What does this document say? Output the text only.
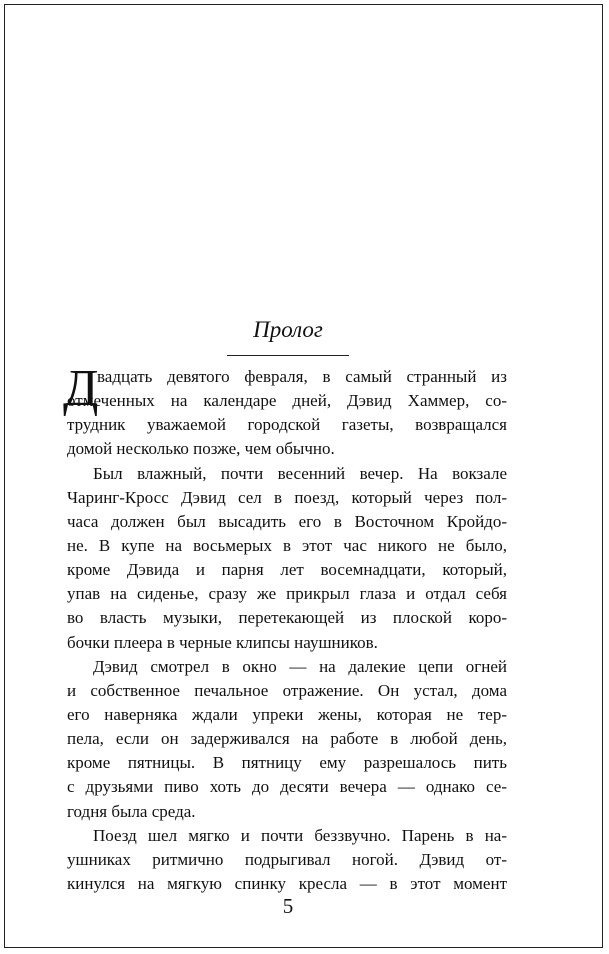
Пролог
Д
вадцать девятого февраля, в самый странный из
отмеченных на календаре дней, Дэвид Хаммер, со-
трудник уважаемой городской газеты, возвращался
домой несколько позже, чем обычно.
Был влажный, почти весенний вечер. На вокзале
Чаринг-Кросс Дэвид сел в поезд, который через пол-
часа должен был высадить его в Восточном Кройдо-
не. В купе на восьмерых в этот час никого не было,
кроме Дэвида и парня лет восемнадцати, который,
упав на сиденье, сразу же прикрыл глаза и отдал себя
во власть музыки, перетекающей из плоской коро-
бочки плеера в черные клипсы наушников.
Дэвид смотрел в окно — на далекие цепи огней
и собственное печальное отражение. Он устал, дома
его наверняка ждали упреки жены, которая не тер-
пела, если он задерживался на работе в любой день,
кроме пятницы. В пятницу ему разрешалось пить
с друзьями пиво хоть до десяти вечера — однако се-
годня была среда.
Поезд шел мягко и почти беззвучно. Парень в на-
ушниках ритмично подрыгивал ногой. Дэвид от-
кинулся на мягкую спинку кресла — в этот момент
5
